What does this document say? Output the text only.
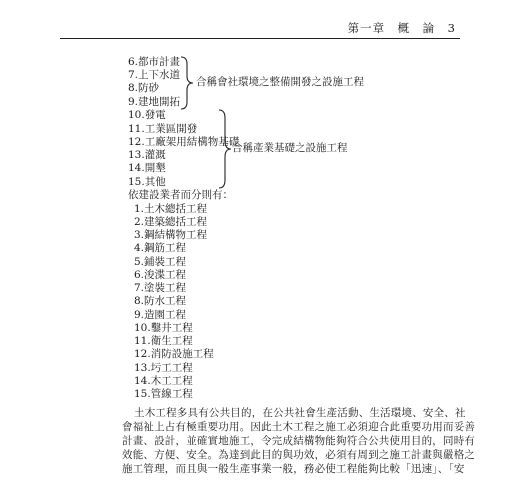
第一章　概　論　3
6.都市計畫
7.上下水道
8.防砂
9.建地開拓
合稱會社環境之整備開發之設施工程
10.發電
11.工業區開發
12.工廠架用結構物基礎
13.灌溉
14.開墾
15.其他
合稱產業基礎之設施工程
依建設業者而分則有：
1.土木總括工程
2.建築總括工程
3.鋼結構物工程
4.鋼筋工程
5.鋪裝工程
6.浚渫工程
7.塗裝工程
8.防水工程
9.造園工程
10.鑿井工程
11.衛生工程
12.消防設施工程
13.圬工工程
14.木工工程
15.管線工程
土木工程多具有公共目的，在公共社會生產活動、生活環境、安全、社
會福祉上占有極重要功用。因此土木工程之施工必須迎合此重要功用而妥善
計畫、設計，並確實地施工，令完成結構物能夠符合公共使用目的，同時有
效能、方便、安全。為達到此目的與功效，必須有周到之施工計畫與嚴格之
施工管理，而且與一般生產事業一般，務必使工程能夠比較「迅速」、「安
